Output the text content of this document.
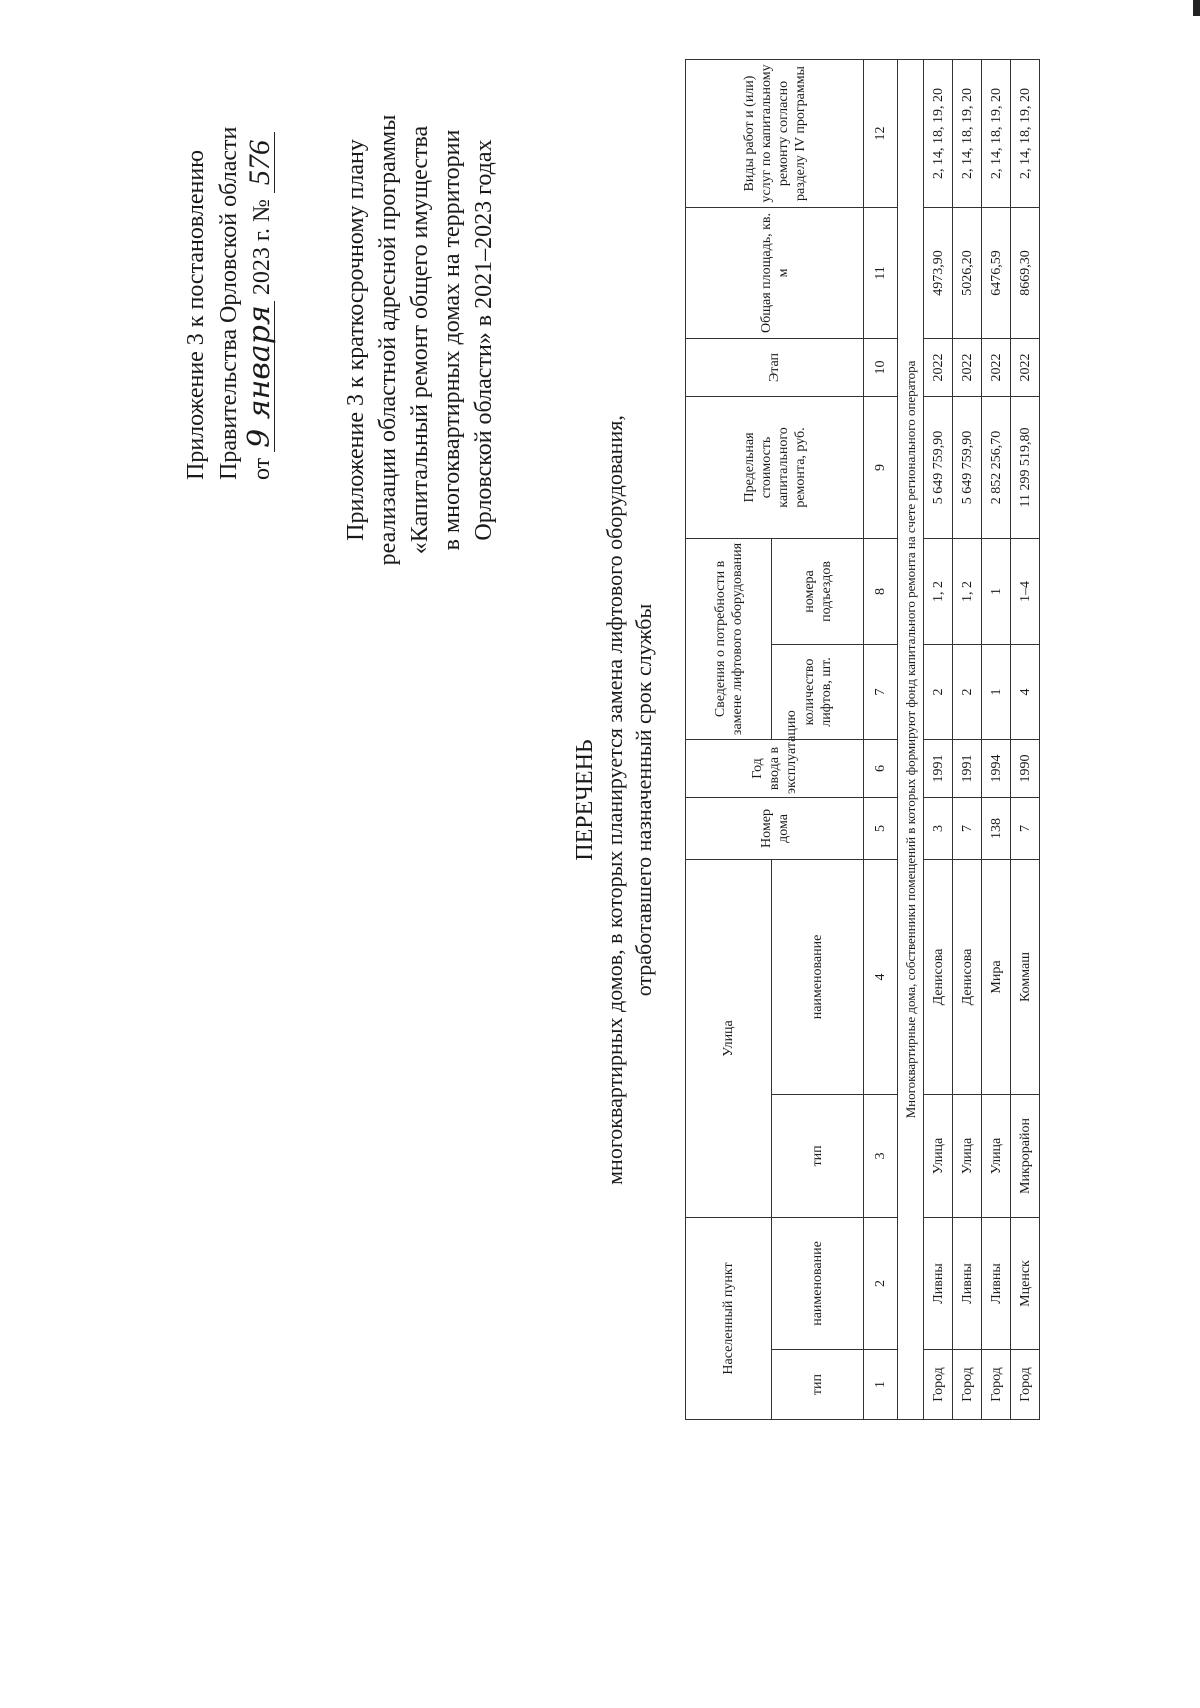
Приложение 3 к постановлению Правительства Орловской области от 9 января 2023 г. № 576	Приложение 3 к краткосрочному плану реализации областной адресной программы «Капитальный ремонт общего имущества в многоквартирных домах на территории Орловской области» в 2021–2023 годах
ПЕРЕЧЕНЬ многоквартирных домов, в которых планируется замена лифтового оборудования, отработавшего назначенный срок службы
Населенный пункт		Улица		Номер дома	Год ввода в эксплуатацию	Сведения о потребности в замене лифтового оборудования		Предельная стоимость капитального ремонта, руб.	Этап	Общая площадь, кв. м	Виды работ и (или) услуг по капитальному ремонту согласно разделу IV программы
тип	наименование	тип	наименование			количество лифтов, шт.	номера подъездов				
1	2	3	4	5	6	7	8	9	10	11	12
Многоквартирные дома, собственники помещений в которых формируют фонд капитального ремонта на счете регионального оператора											
Город	Ливны	Улица	Денисова	3	1991	2	1, 2	5 649 759,90	2022	4973,90	2, 14, 18, 19, 20
Город	Ливны	Улица	Денисова	7	1991	2	1, 2	5 649 759,90	2022	5026,20	2, 14, 18, 19, 20
Город	Ливны	Улица	Мира	138	1994	1	1	2 852 256,70	2022	6476,59	2, 14, 18, 19, 20
Город	Мценск	Микрорайон	Коммаш	7	1990	4	1–4	11 299 519,80	2022	8669,30	2, 14, 18, 19, 20
